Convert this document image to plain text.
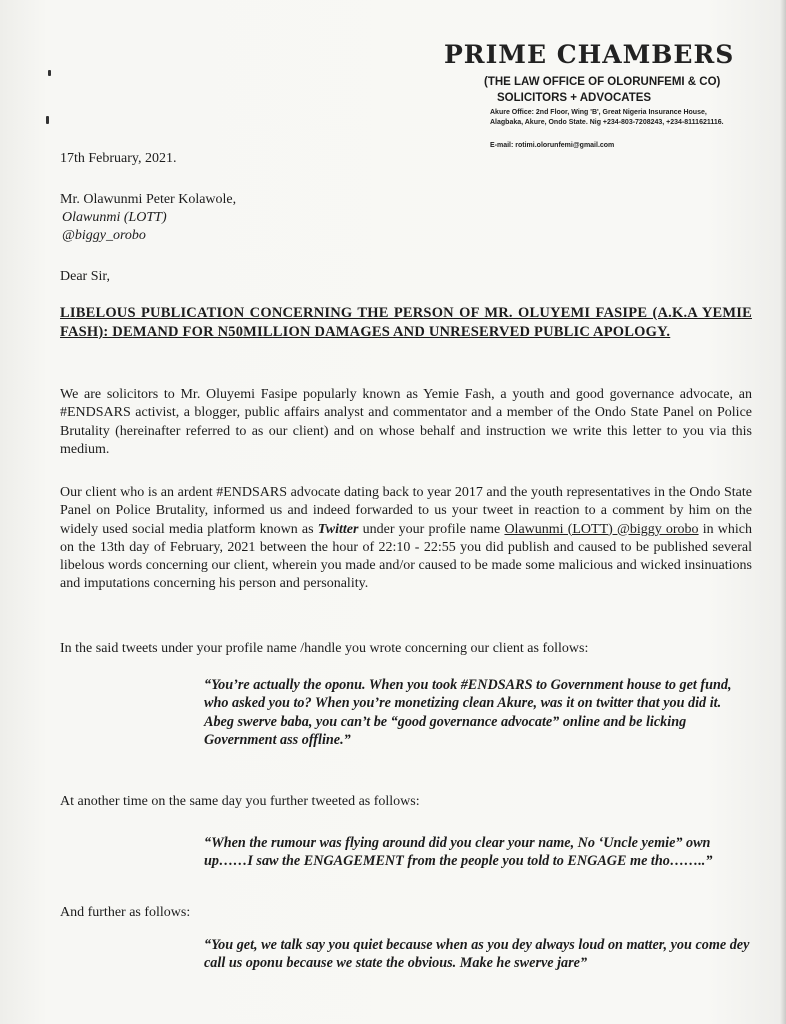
PRIME CHAMBERS
(THE LAW OFFICE OF OLORUNFEMI & CO)
SOLICITORS + ADVOCATES
Akure Office: 2nd Floor, Wing 'B', Great Nigeria Insurance House, Alagbaka, Akure, Ondo State. Nig +234-803-7208243, +234-8111621116.
E-mail: rotimi.olorunfemi@gmail.com
17th February, 2021.
Mr. Olawunmi Peter Kolawole,
Olawunmi (LOTT)
@biggy_orobo
Dear Sir,
LIBELOUS PUBLICATION CONCERNING THE PERSON OF MR. OLUYEMI FASIPE (A.K.A YEMIE FASH): DEMAND FOR N50MILLION DAMAGES AND UNRESERVED PUBLIC APOLOGY.
We are solicitors to Mr. Oluyemi Fasipe popularly known as Yemie Fash, a youth and good governance advocate, an #ENDSARS activist, a blogger, public affairs analyst and commentator and a member of the Ondo State Panel on Police Brutality (hereinafter referred to as our client) and on whose behalf and instruction we write this letter to you via this medium.
Our client who is an ardent #ENDSARS advocate dating back to year 2017 and the youth representatives in the Ondo State Panel on Police Brutality, informed us and indeed forwarded to us your tweet in reaction to a comment by him on the widely used social media platform known as Twitter under your profile name Olawunmi (LOTT) @biggy orobo in which on the 13th day of February, 2021 between the hour of 22:10 - 22:55 you did publish and caused to be published several libelous words concerning our client, wherein you made and/or caused to be made some malicious and wicked insinuations and imputations concerning his person and personality.
In the said tweets under your profile name /handle you wrote concerning our client as follows:
“You’re actually the oponu. When you took #ENDSARS to Government house to get fund, who asked you to? When you’re monetizing clean Akure, was it on twitter that you did it. Abeg swerve baba, you can’t be “good governance advocate” online and be licking Government ass offline.”
At another time on the same day you further tweeted as follows:
“When the rumour was flying around did you clear your name, No ‘Uncle yemie” own up……I saw the ENGAGEMENT from the people you told to ENGAGE me tho……..”
And further as follows:
“You get, we talk say you quiet because when as you dey always loud on matter, you come dey call us oponu because we state the obvious. Make he swerve jare”
